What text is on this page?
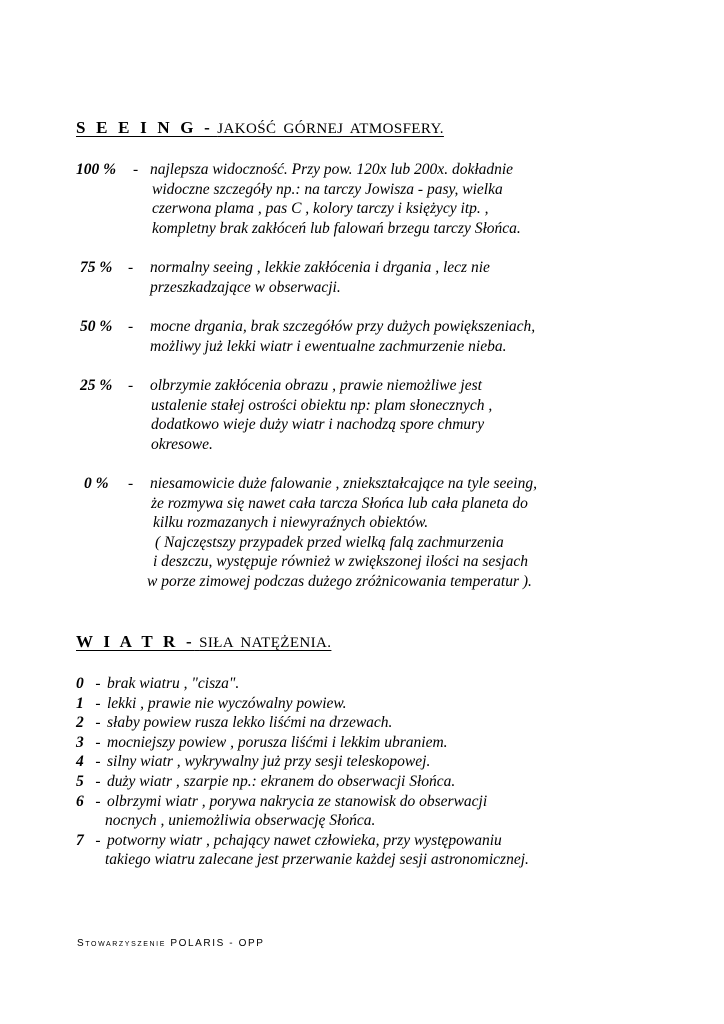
S E E I N G - JAKOŚĆ GÓRNEJ ATMOSFERY.
100 % - najlepsza widoczność. Przy pow. 120x lub 200x. dokładnie
widoczne szczegóły np.: na tarczy Jowisza - pasy, wielka
czerwona plama , pas C , kolory tarczy i księżycy itp. ,
kompletny brak zakłóceń lub falowań brzegu tarczy Słońca.
75 % - normalny seeing , lekkie zakłócenia i drgania , lecz nie
przeszkadzające w obserwacji.
50 % - mocne drgania, brak szczegółów przy dużych powiększeniach,
możliwy już lekki wiatr i ewentualne zachmurzenie nieba.
25 % - olbrzymie zakłócenia obrazu , prawie niemożliwe jest
ustalenie stałej ostrości obiektu np: plam słonecznych ,
dodatkowo wieje duży wiatr i nachodzą spore chmury
okresowe.
0 % - niesamowicie duże falowanie , zniekształcające na tyle seeing,
że rozmywa się nawet cała tarcza Słońca lub cała planeta do
kilku rozmazanych i niewyraźnych obiektów.
( Najczęstszy przypadek przed wielką falą zachmurzenia
i deszczu, występuje również w zwiększonej ilości na sesjach
w porze zimowej podczas dużego zróżnicowania temperatur ).
W I A T R - SIŁA NATĘŻENIA.
0 - brak wiatru , "cisza".
1 - lekki , prawie nie wyczówalny powiew.
2 - słaby powiew rusza lekko liśćmi na drzewach.
3 - mocniejszy powiew , porusza liśćmi i lekkim ubraniem.
4 - silny wiatr , wykrywalny już przy sesji teleskopowej.
5 - duży wiatr , szarpie np.: ekranem do obserwacji Słońca.
6 - olbrzymi wiatr , porywa nakrycia ze stanowisk do obserwacji
nocnych , uniemożliwia obserwację Słońca.
7 - potworny wiatr , pchający nawet człowieka, przy występowaniu
takiego wiatru zalecane jest przerwanie każdej sesji astronomicznej.
Stowarzyszenie POLARIS - OPP
